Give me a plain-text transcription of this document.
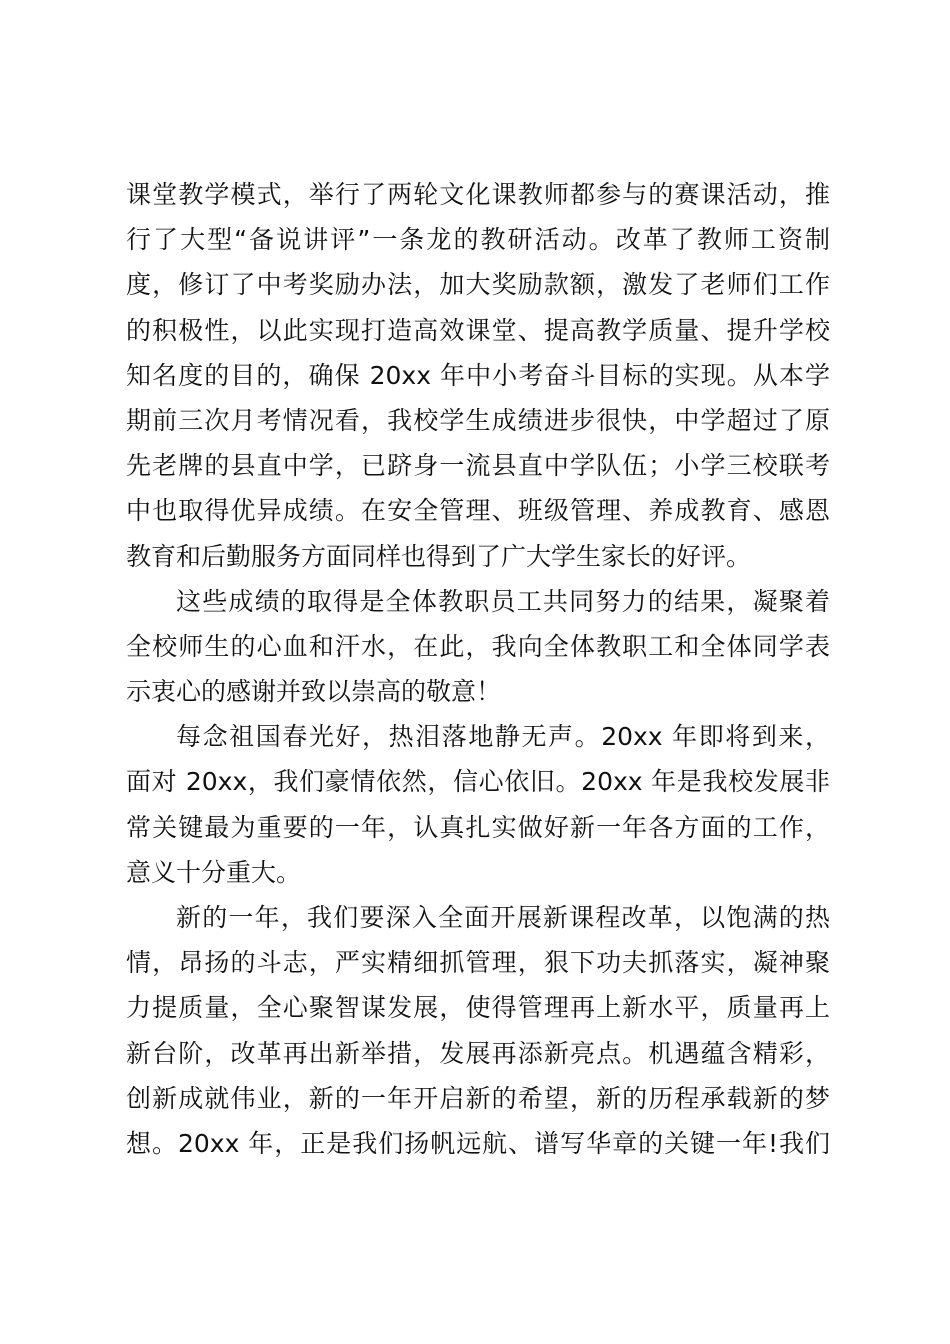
课堂教学模式，举行了两轮文化课教师都参与的赛课活动，推
行了大型“备说讲评”一条龙的教研活动。改革了教师工资制
度，修订了中考奖励办法，加大奖励款额，激发了老师们工作
的积极性，以此实现打造高效课堂、提高教学质量、提升学校
知名度的目的，确保 20xx 年中小考奋斗目标的实现。从本学
期前三次月考情况看，我校学生成绩进步很快，中学超过了原
先老牌的县直中学，已跻身一流县直中学队伍；小学三校联考
中也取得优异成绩。在安全管理、班级管理、养成教育、感恩
教育和后勤服务方面同样也得到了广大学生家长的好评。
这些成绩的取得是全体教职员工共同努力的结果，凝聚着
全校师生的心血和汗水，在此，我向全体教职工和全体同学表
示衷心的感谢并致以崇高的敬意！
每念祖国春光好，热泪落地静无声。20xx 年即将到来，
面对 20xx，我们豪情依然，信心依旧。20xx 年是我校发展非
常关键最为重要的一年，认真扎实做好新一年各方面的工作，
意义十分重大。
新的一年，我们要深入全面开展新课程改革，以饱满的热
情，昂扬的斗志，严实精细抓管理，狠下功夫抓落实，凝神聚
力提质量，全心聚智谋发展，使得管理再上新水平，质量再上
新台阶，改革再出新举措，发展再添新亮点。机遇蕴含精彩，
创新成就伟业，新的一年开启新的希望，新的历程承载新的梦
想。20xx 年，正是我们扬帆远航、谱写华章的关键一年!我们
